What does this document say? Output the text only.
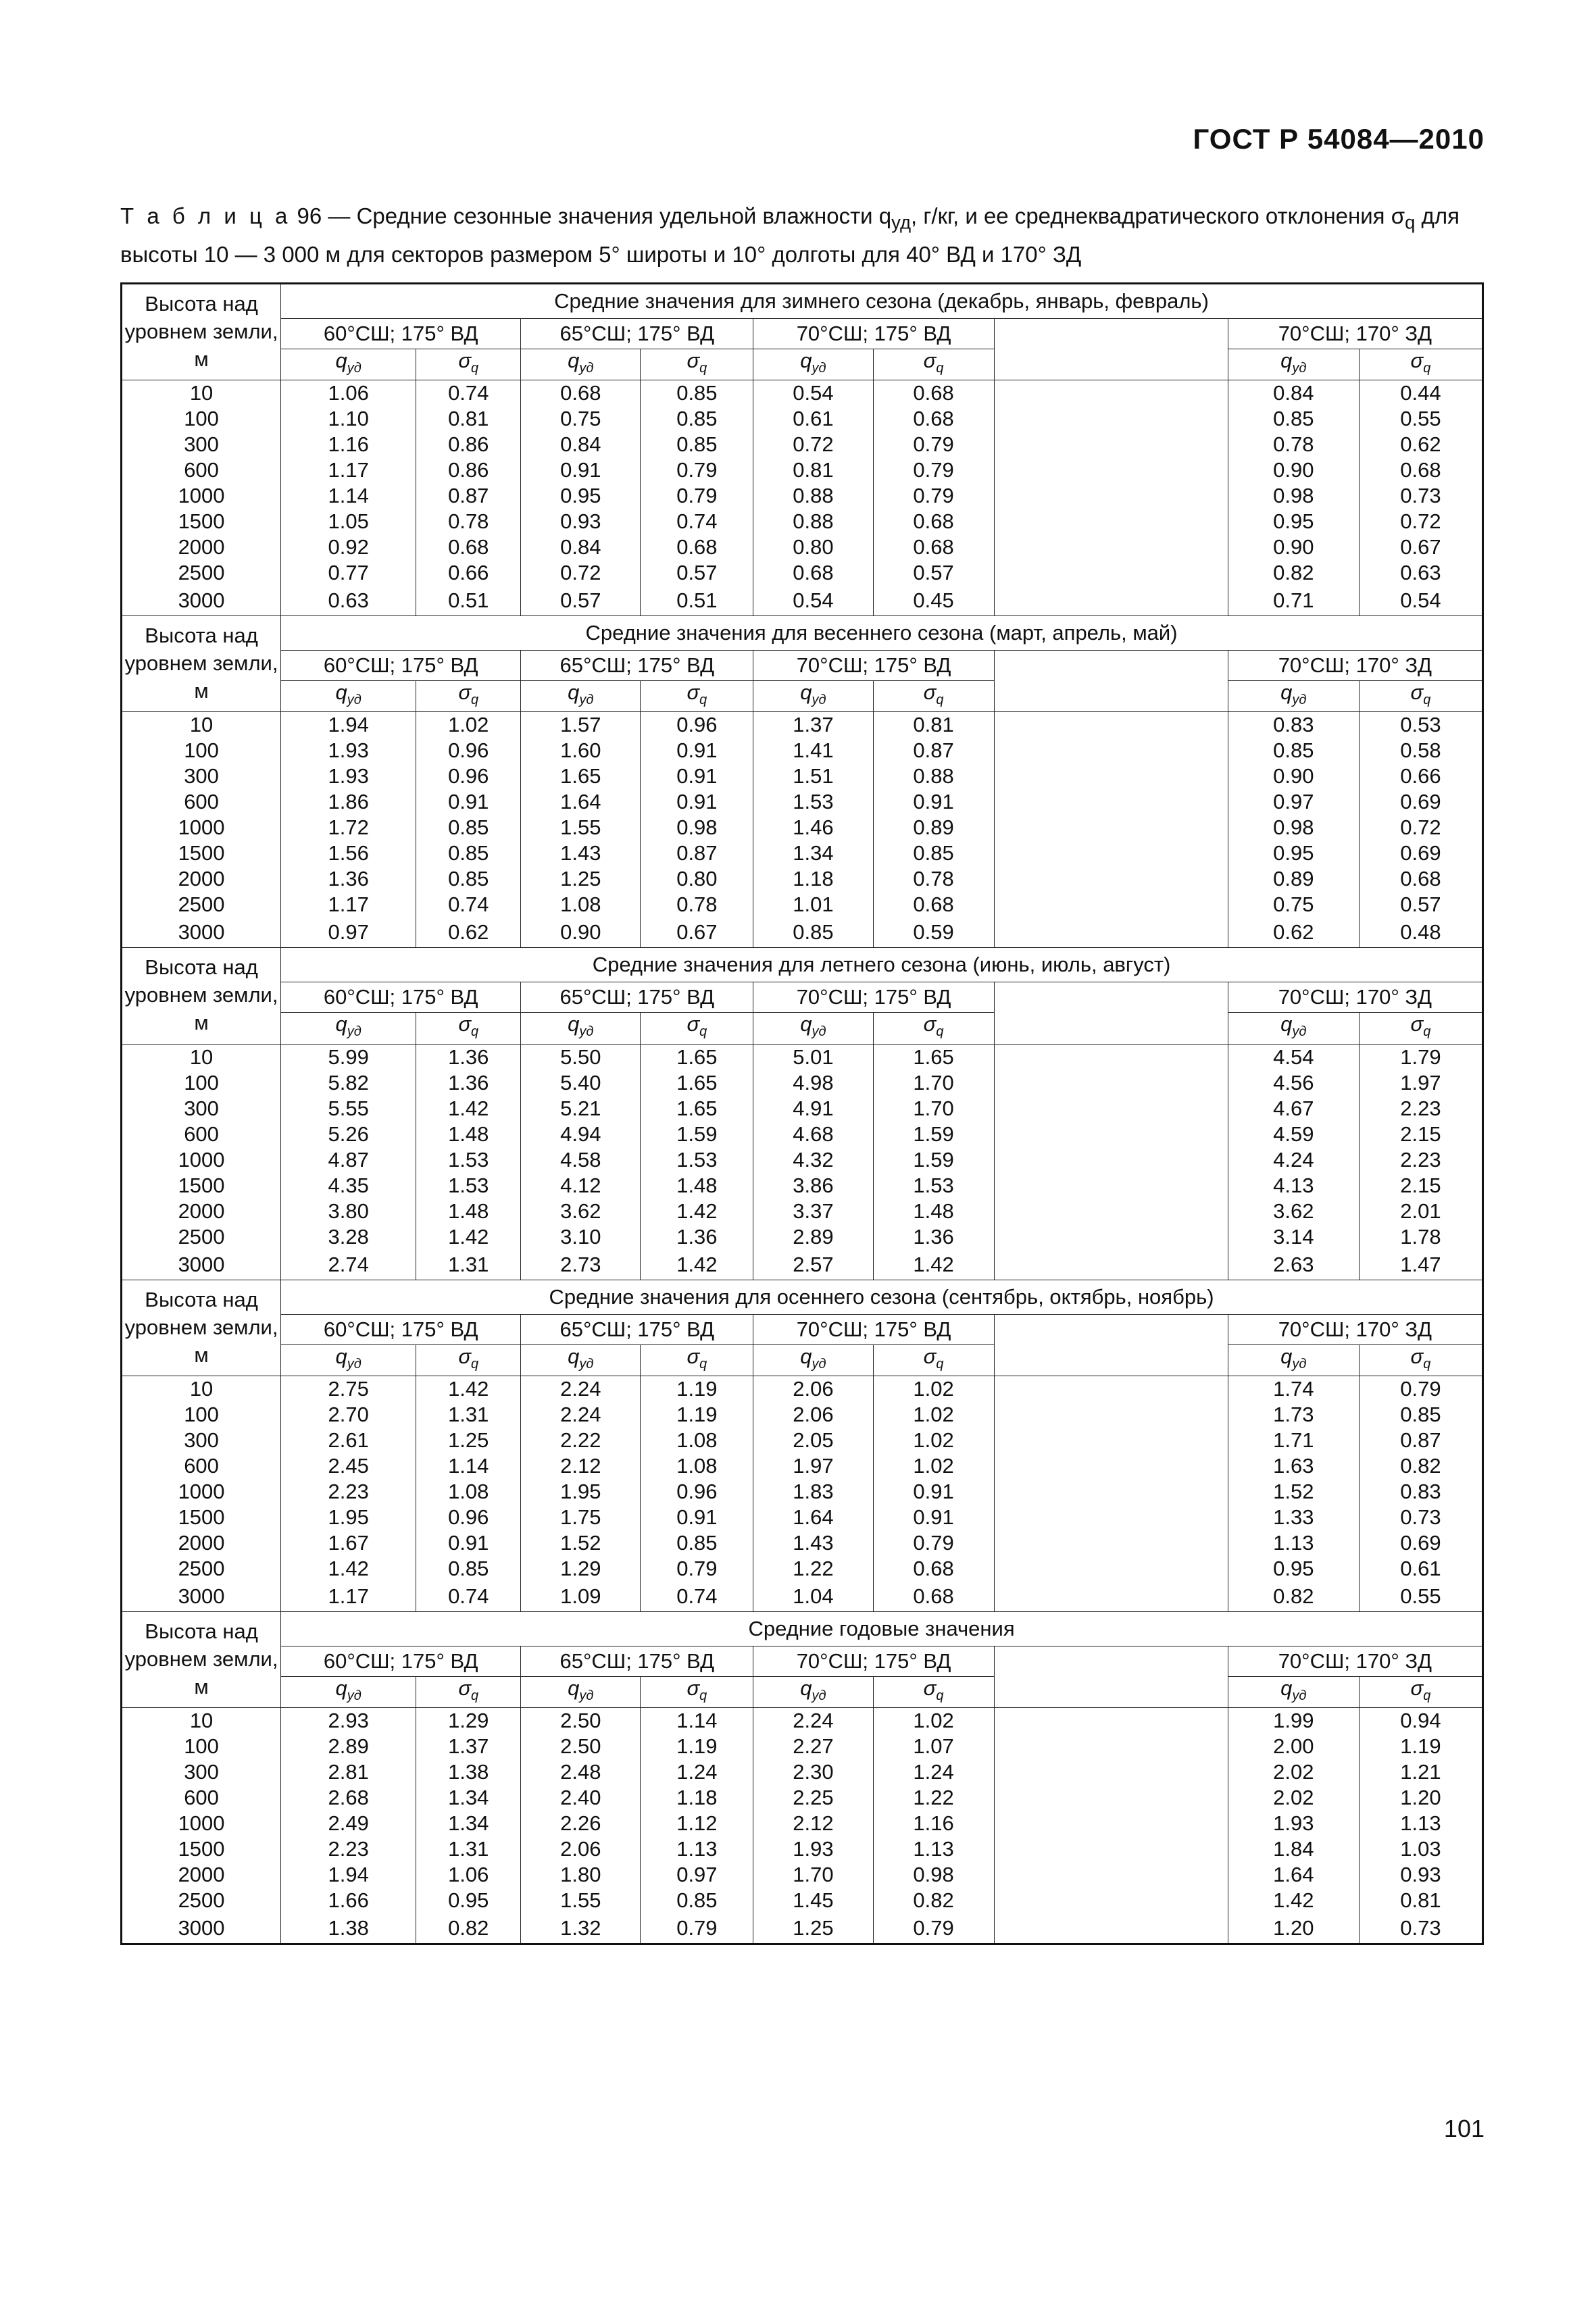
ГОСТ Р 54084—2010
Т а б л и ц а 96 — Средние сезонные значения удельной влажности $q_{уд}$, г/кг, и ее среднеквадратического отклонения $\sigma_q$ для высоты 10 — 3 000 м для секторов размером 5° широты и 10° долготы для 40° ВД и 170° ЗД
Высота над уровнем земли, м	Средние значения для зимнего сезона (декабрь, январь, февраль)								
	60°СШ; 175° ВД		65°СШ; 175° ВД		70°СШ; 175° ВД			70°СШ; 170° ЗД	
	$q_{уд}$	$\sigma_q$	$q_{уд}$	$\sigma_q$	$q_{уд}$	$\sigma_q$		$q_{уд}$	$\sigma_q$
10	1.06	0.74	0.68	0.85	0.54	0.68		0.84	0.44
100	1.10	0.81	0.75	0.85	0.61	0.68		0.85	0.55
300	1.16	0.86	0.84	0.85	0.72	0.79		0.78	0.62
600	1.17	0.86	0.91	0.79	0.81	0.79		0.90	0.68
1000	1.14	0.87	0.95	0.79	0.88	0.79		0.98	0.73
1500	1.05	0.78	0.93	0.74	0.88	0.68		0.95	0.72
2000	0.92	0.68	0.84	0.68	0.80	0.68		0.90	0.67
2500	0.77	0.66	0.72	0.57	0.68	0.57		0.82	0.63
3000	0.63	0.51	0.57	0.51	0.54	0.45		0.71	0.54
Высота над уровнем земли, м	Средние значения для весеннего сезона (март, апрель, май)								
	60°СШ; 175° ВД		65°СШ; 175° ВД		70°СШ; 175° ВД			70°СШ; 170° ЗД	
	$q_{уд}$	$\sigma_q$	$q_{уд}$	$\sigma_q$	$q_{уд}$	$\sigma_q$		$q_{уд}$	$\sigma_q$
10	1.94	1.02	1.57	0.96	1.37	0.81		0.83	0.53
100	1.93	0.96	1.60	0.91	1.41	0.87		0.85	0.58
300	1.93	0.96	1.65	0.91	1.51	0.88		0.90	0.66
600	1.86	0.91	1.64	0.91	1.53	0.91		0.97	0.69
1000	1.72	0.85	1.55	0.98	1.46	0.89		0.98	0.72
1500	1.56	0.85	1.43	0.87	1.34	0.85		0.95	0.69
2000	1.36	0.85	1.25	0.80	1.18	0.78		0.89	0.68
2500	1.17	0.74	1.08	0.78	1.01	0.68		0.75	0.57
3000	0.97	0.62	0.90	0.67	0.85	0.59		0.62	0.48
Высота над уровнем земли, м	Средние значения для летнего сезона (июнь, июль, август)								
	60°СШ; 175° ВД		65°СШ; 175° ВД		70°СШ; 175° ВД			70°СШ; 170° ЗД	
	$q_{уд}$	$\sigma_q$	$q_{уд}$	$\sigma_q$	$q_{уд}$	$\sigma_q$		$q_{уд}$	$\sigma_q$
10	5.99	1.36	5.50	1.65	5.01	1.65		4.54	1.79
100	5.82	1.36	5.40	1.65	4.98	1.70		4.56	1.97
300	5.55	1.42	5.21	1.65	4.91	1.70		4.67	2.23
600	5.26	1.48	4.94	1.59	4.68	1.59		4.59	2.15
1000	4.87	1.53	4.58	1.53	4.32	1.59		4.24	2.23
1500	4.35	1.53	4.12	1.48	3.86	1.53		4.13	2.15
2000	3.80	1.48	3.62	1.42	3.37	1.48		3.62	2.01
2500	3.28	1.42	3.10	1.36	2.89	1.36		3.14	1.78
3000	2.74	1.31	2.73	1.42	2.57	1.42		2.63	1.47
Высота над уровнем земли, м	Средние значения для осеннего сезона (сентябрь, октябрь, ноябрь)								
	60°СШ; 175° ВД		65°СШ; 175° ВД		70°СШ; 175° ВД			70°СШ; 170° ЗД	
	$q_{уд}$	$\sigma_q$	$q_{уд}$	$\sigma_q$	$q_{уд}$	$\sigma_q$		$q_{уд}$	$\sigma_q$
10	2.75	1.42	2.24	1.19	2.06	1.02		1.74	0.79
100	2.70	1.31	2.24	1.19	2.06	1.02		1.73	0.85
300	2.61	1.25	2.22	1.08	2.05	1.02		1.71	0.87
600	2.45	1.14	2.12	1.08	1.97	1.02		1.63	0.82
1000	2.23	1.08	1.95	0.96	1.83	0.91		1.52	0.83
1500	1.95	0.96	1.75	0.91	1.64	0.91		1.33	0.73
2000	1.67	0.91	1.52	0.85	1.43	0.79		1.13	0.69
2500	1.42	0.85	1.29	0.79	1.22	0.68		0.95	0.61
3000	1.17	0.74	1.09	0.74	1.04	0.68		0.82	0.55
Высота над уровнем земли, м	Средние годовые значения								
	60°СШ; 175° ВД		65°СШ; 175° ВД		70°СШ; 175° ВД			70°СШ; 170° ЗД	
	$q_{уд}$	$\sigma_q$	$q_{уд}$	$\sigma_q$	$q_{уд}$	$\sigma_q$		$q_{уд}$	$\sigma_q$
10	2.93	1.29	2.50	1.14	2.24	1.02		1.99	0.94
100	2.89	1.37	2.50	1.19	2.27	1.07		2.00	1.19
300	2.81	1.38	2.48	1.24	2.30	1.24		2.02	1.21
600	2.68	1.34	2.40	1.18	2.25	1.22		2.02	1.20
1000	2.49	1.34	2.26	1.12	2.12	1.16		1.93	1.13
1500	2.23	1.31	2.06	1.13	1.93	1.13		1.84	1.03
2000	1.94	1.06	1.80	0.97	1.70	0.98		1.64	0.93
2500	1.66	0.95	1.55	0.85	1.45	0.82		1.42	0.81
3000	1.38	0.82	1.32	0.79	1.25	0.79		1.20	0.73
101
